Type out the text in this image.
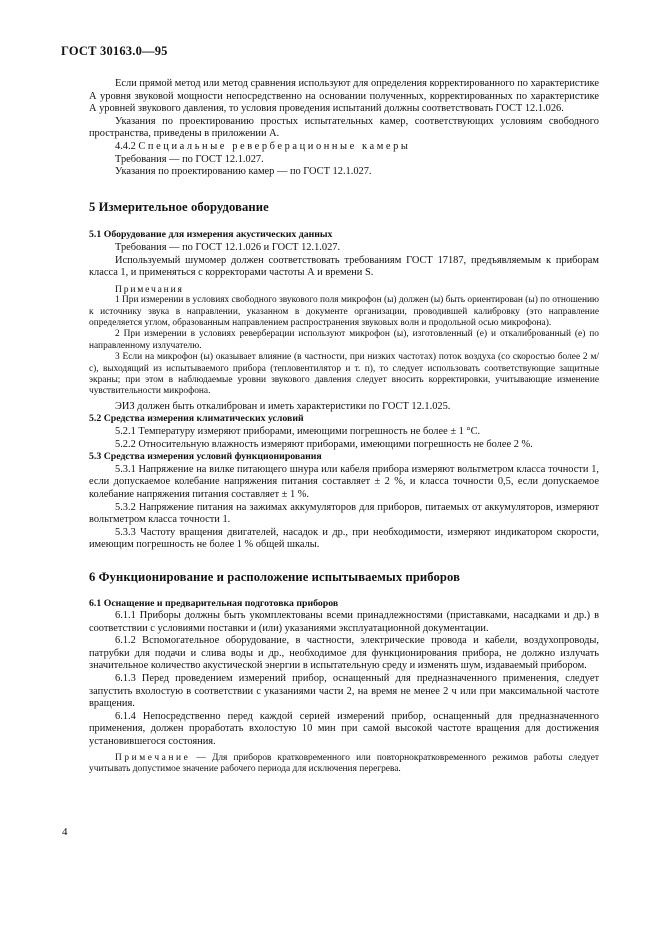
ГОСТ 30163.0—95

Если прямой метод или метод сравнения используют для определения корректированного по характеристике А уровня звуковой мощности непосредственно на основании полученных, корректированных по характеристике А уровней звукового давления, то условия проведения испытаний должны соответствовать ГОСТ 12.1.026.

Указания по проектированию простых испытательных камер, соответствующих условиям свободного пространства, приведены в приложении А.

4.4.2 Специальные реверберационные камеры

Требования — по ГОСТ 12.1.027.

Указания по проектированию камер — по ГОСТ 12.1.027.

5 Измерительное оборудование

5.1 Оборудование для измерения акустических данных

Требования — по ГОСТ 12.1.026 и ГОСТ 12.1.027.

Используемый шумомер должен соответствовать требованиям ГОСТ 17187, предъявляемым к приборам класса 1, и применяться с корректорами частоты А и времени S.

Примечания

1 При измерении в условиях свободного звукового поля микрофон (ы) должен (ы) быть ориентирован (ы) по отношению к источнику звука в направлении, указанном в документе организации, проводившей калибровку (это направление определяется углом, образованным направлением распространения звуковых волн и продольной осью микрофона).

2 При измерении в условиях реверберации используют микрофон (ы), изготовленный (е) и откалиброванный (е) по направленному излучателю.

3 Если на микрофон (ы) оказывает влияние (в частности, при низких частотах) поток воздуха (со скоростью более 2 м/с), выходящий из испытываемого прибора (тепловентилятор и т. п), то следует использовать соответствующие защитные экраны; при этом в наблюдаемые уровни звукового давления следует вносить корректировки, учитывающие изменение чувствительности микрофона.

ЭИЗ должен быть откалиброван и иметь характеристики по ГОСТ 12.1.025.

5.2 Средства измерения климатических условий

5.2.1 Температуру измеряют приборами, имеющими погрешность не более ± 1 °С.

5.2.2 Относительную влажность измеряют приборами, имеющими погрешность не более 2 %.

5.3 Средства измерения условий функционирования

5.3.1 Напряжение на вилке питающего шнура или кабеля прибора измеряют вольтметром класса точности 1, если допускаемое колебание напряжения питания составляет ± 2 %, и класса точности 0,5, если допускаемое колебание напряжения питания составляет ± 1 %.

5.3.2 Напряжение питания на зажимах аккумуляторов для приборов, питаемых от аккумуляторов, измеряют вольтметром класса точности 1.

5.3.3 Частоту вращения двигателей, насадок и др., при необходимости, измеряют индикатором скорости, имеющим погрешность не более 1 % общей шкалы.

6 Функционирование и расположение испытываемых приборов

6.1 Оснащение и предварительная подготовка приборов

6.1.1 Приборы должны быть укомплектованы всеми принадлежностями (приставками, насадками и др.) в соответствии с условиями поставки и (или) указаниями эксплуатационной документации.

6.1.2 Вспомогательное оборудование, в частности, электрические провода и кабели, воздухопроводы, патрубки для подачи и слива воды и др., необходимое для функционирования прибора, не должно излучать значительное количество акустической энергии в испытательную среду и изменять шум, издаваемый прибором.

6.1.3 Перед проведением измерений прибор, оснащенный для предназначенного применения, следует запустить вхолостую в соответствии с указаниями части 2, на время не менее 2 ч или при максимальной частоте вращения.

6.1.4 Непосредственно перед каждой серией измерений прибор, оснащенный для предназначенного применения, должен проработать вхолостую 10 мин при самой высокой частоте вращения для достижения установившегося состояния.

Примечание — Для приборов кратковременного или повторнократковременного режимов работы следует учитывать допустимое значение рабочего периода для исключения перегрева.

4
